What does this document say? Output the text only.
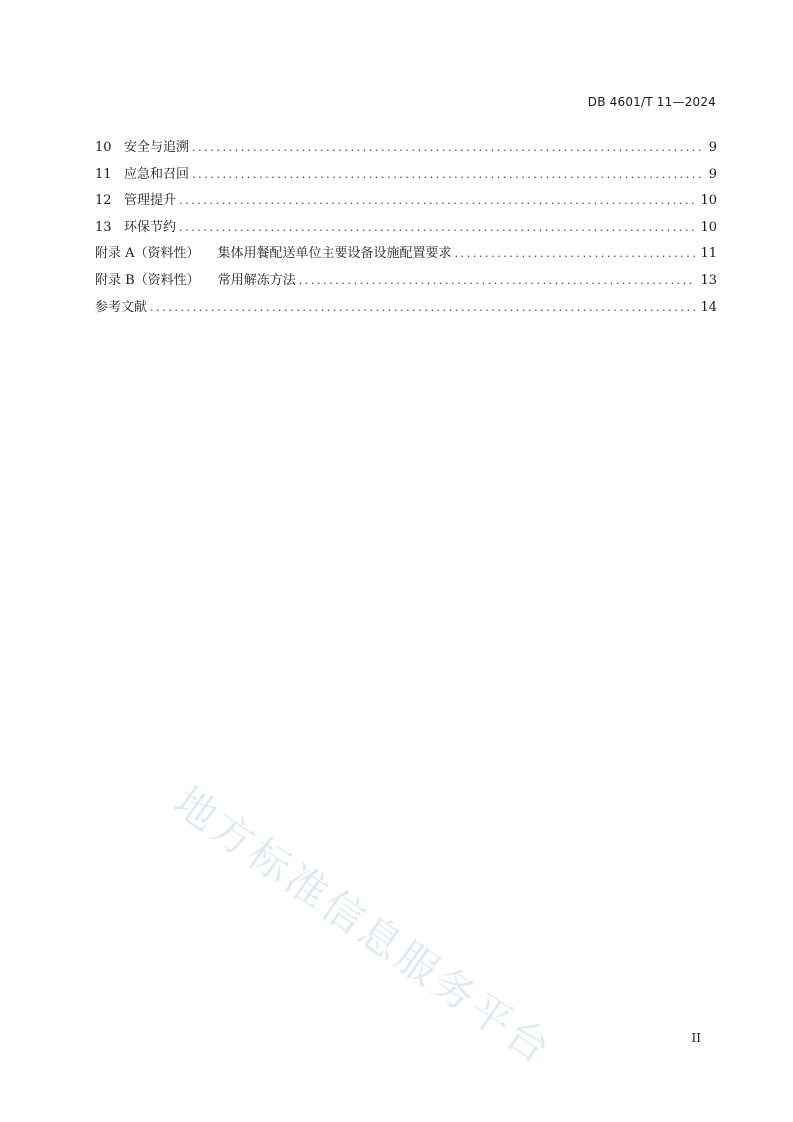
DB 4601/T 11—2024
10 安全与追溯 .....	9
11 应急和召回 .....	9
12 管理提升 .....	10
13 环保节约 .....	10
附录 A（资料性） 集体用餐配送单位主要设备设施配置要求 .....	11
附录 B（资料性） 常用解冻方法 .....	13
参考文献 .....	14
地方标准信息服务平台	II
